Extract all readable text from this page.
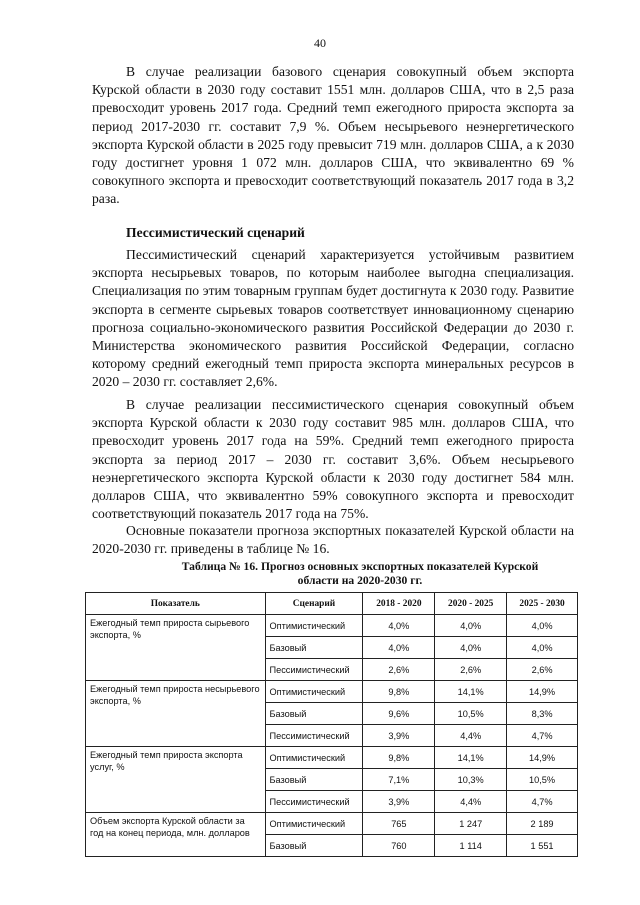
40

В случае реализации базового сценария совокупный объем экспорта Курской области в 2030 году составит 1551 млн. долларов США, что в 2,5 раза превосходит уровень 2017 года. Средний темп ежегодного прироста экспорта за период 2017-2030 гг. составит 7,9 %. Объем несырьевого неэнергетического экспорта Курской области в 2025 году превысит 719 млн. долларов США, а к 2030 году достигнет уровня 1 072 млн. долларов США, что эквивалентно 69 % совокупного экспорта и превосходит соответствующий показатель 2017 года в 3,2 раза.

Пессимистический сценарий

Пессимистический сценарий характеризуется устойчивым развитием экспорта несырьевых товаров, по которым наиболее выгодна специализация. Специализация по этим товарным группам будет достигнута к 2030 году. Развитие экспорта в сегменте сырьевых товаров соответствует инновационному сценарию прогноза социально-экономического развития Российской Федерации до 2030 г. Министерства экономического развития Российской Федерации, согласно которому средний ежегодный темп прироста экспорта минеральных ресурсов в 2020 – 2030 гг. составляет 2,6%.

В случае реализации пессимистического сценария совокупный объем экспорта Курской области к 2030 году составит 985 млн. долларов США, что превосходит уровень 2017 года на 59%. Средний темп ежегодного прироста экспорта за период 2017 – 2030 гг. составит 3,6%. Объем несырьевого неэнергетического экспорта Курской области к 2030 году достигнет 584 млн. долларов США, что эквивалентно 59% совокупного экспорта и превосходит соответствующий показатель 2017 года на 75%.

Основные показатели прогноза экспортных показателей Курской области на 2020-2030 гг. приведены в таблице № 16.

Таблица № 16. Прогноз основных экспортных показателей Курской области на 2020-2030 гг.
Показатель	Сценарий	2018 - 2020	2020 - 2025	2025 - 2030
Ежегодный темп прироста сырьевого экспорта, %	Оптимистический	4,0%	4,0%	4,0%
	Базовый	4,0%	4,0%	4,0%
	Пессимистический	2,6%	2,6%	2,6%
Ежегодный темп прироста несырьевого экспорта, %	Оптимистический	9,8%	14,1%	14,9%
	Базовый	9,6%	10,5%	8,3%
	Пессимистический	3,9%	4,4%	4,7%
Ежегодный темп прироста экспорта услуг, %	Оптимистический	9,8%	14,1%	14,9%
	Базовый	7,1%	10,3%	10,5%
	Пессимистический	3,9%	4,4%	4,7%
Объем экспорта Курской области за год на конец периода, млн. долларов	Оптимистический	765	1 247	2 189
	Базовый	760	1 114	1 551
